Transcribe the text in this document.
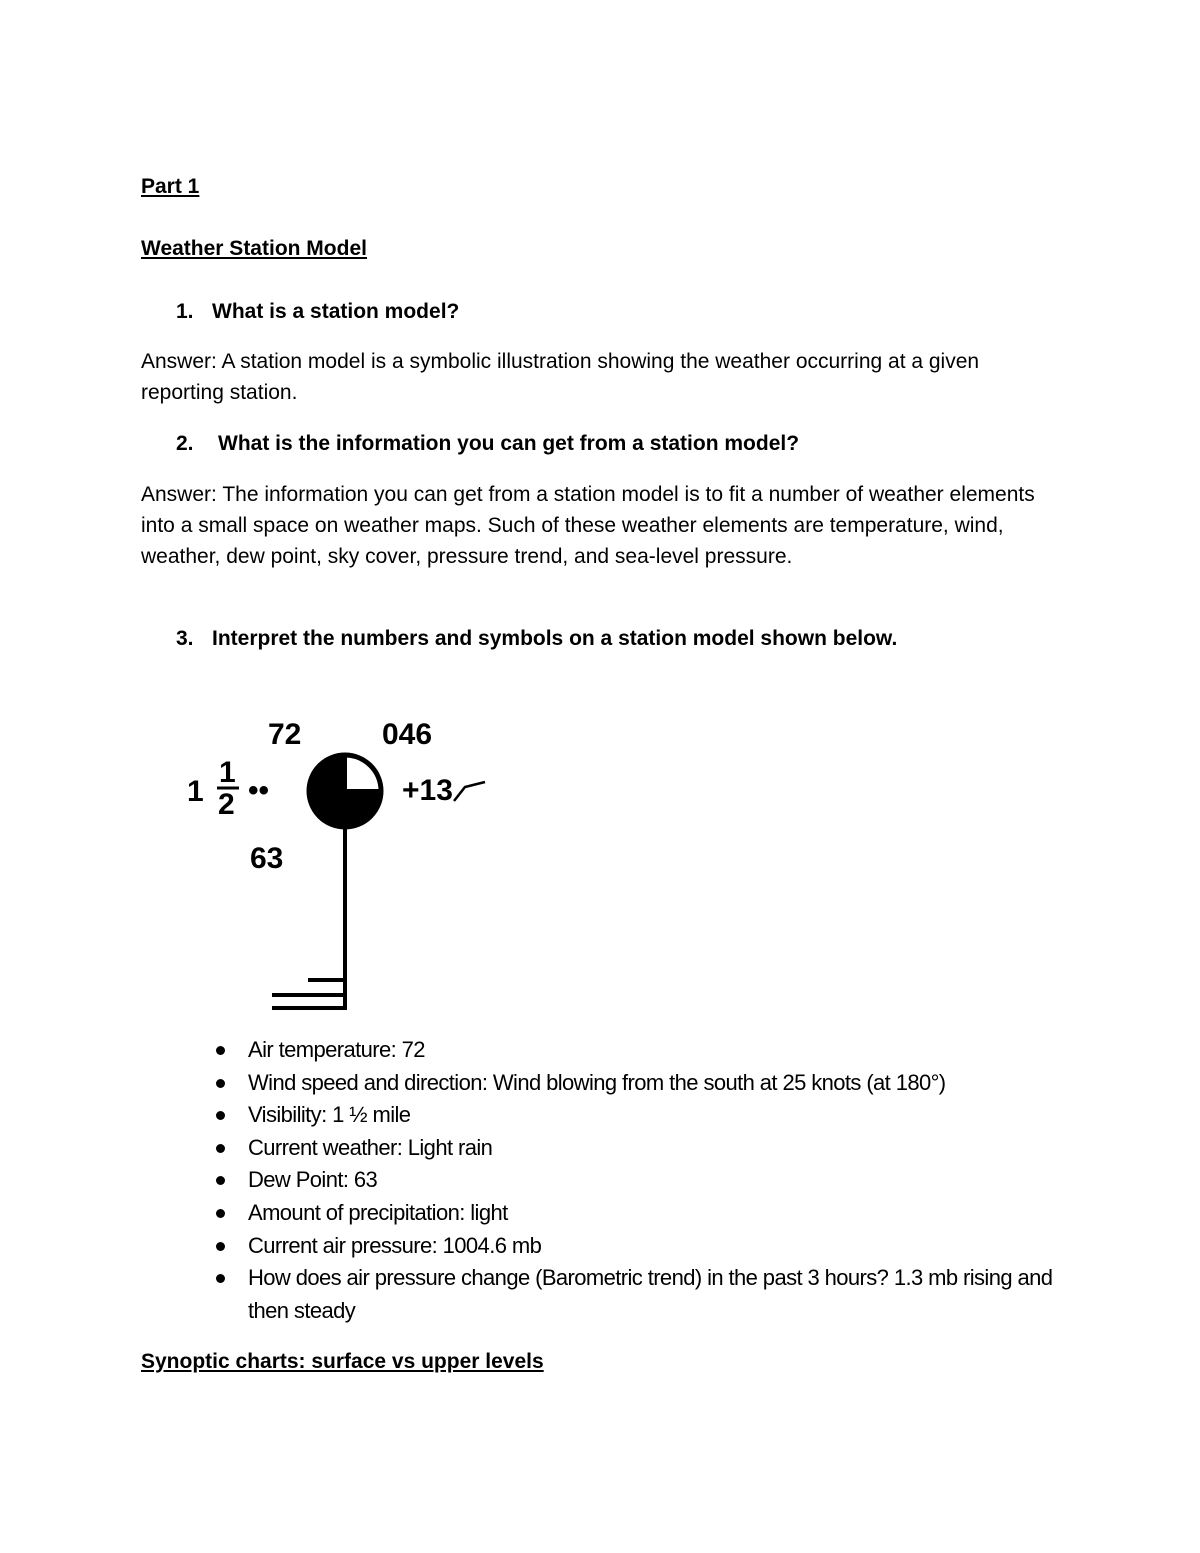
Part 1
Weather Station Model
1. What is a station model?
Answer: A station model is a symbolic illustration showing the weather occurring at a given reporting station.
2. What is the information you can get from a station model?
Answer: The information you can get from a station model is to fit a number of weather elements into a small space on weather maps. Such of these weather elements are temperature, wind, weather, dew point, sky cover, pressure trend, and sea-level pressure.
3. Interpret the numbers and symbols on a station model shown below.
72	046
1
1
2 ••
63
+13
Air temperature: 72
Wind speed and direction: Wind blowing from the south at 25 knots (at 180°)
Visibility: 1 ½ mile
Current weather: Light rain
Dew Point: 63
Amount of precipitation: light
Current air pressure: 1004.6 mb
How does air pressure change (Barometric trend) in the past 3 hours? 1.3 mb rising and then steady
Synoptic charts: surface vs upper levels
